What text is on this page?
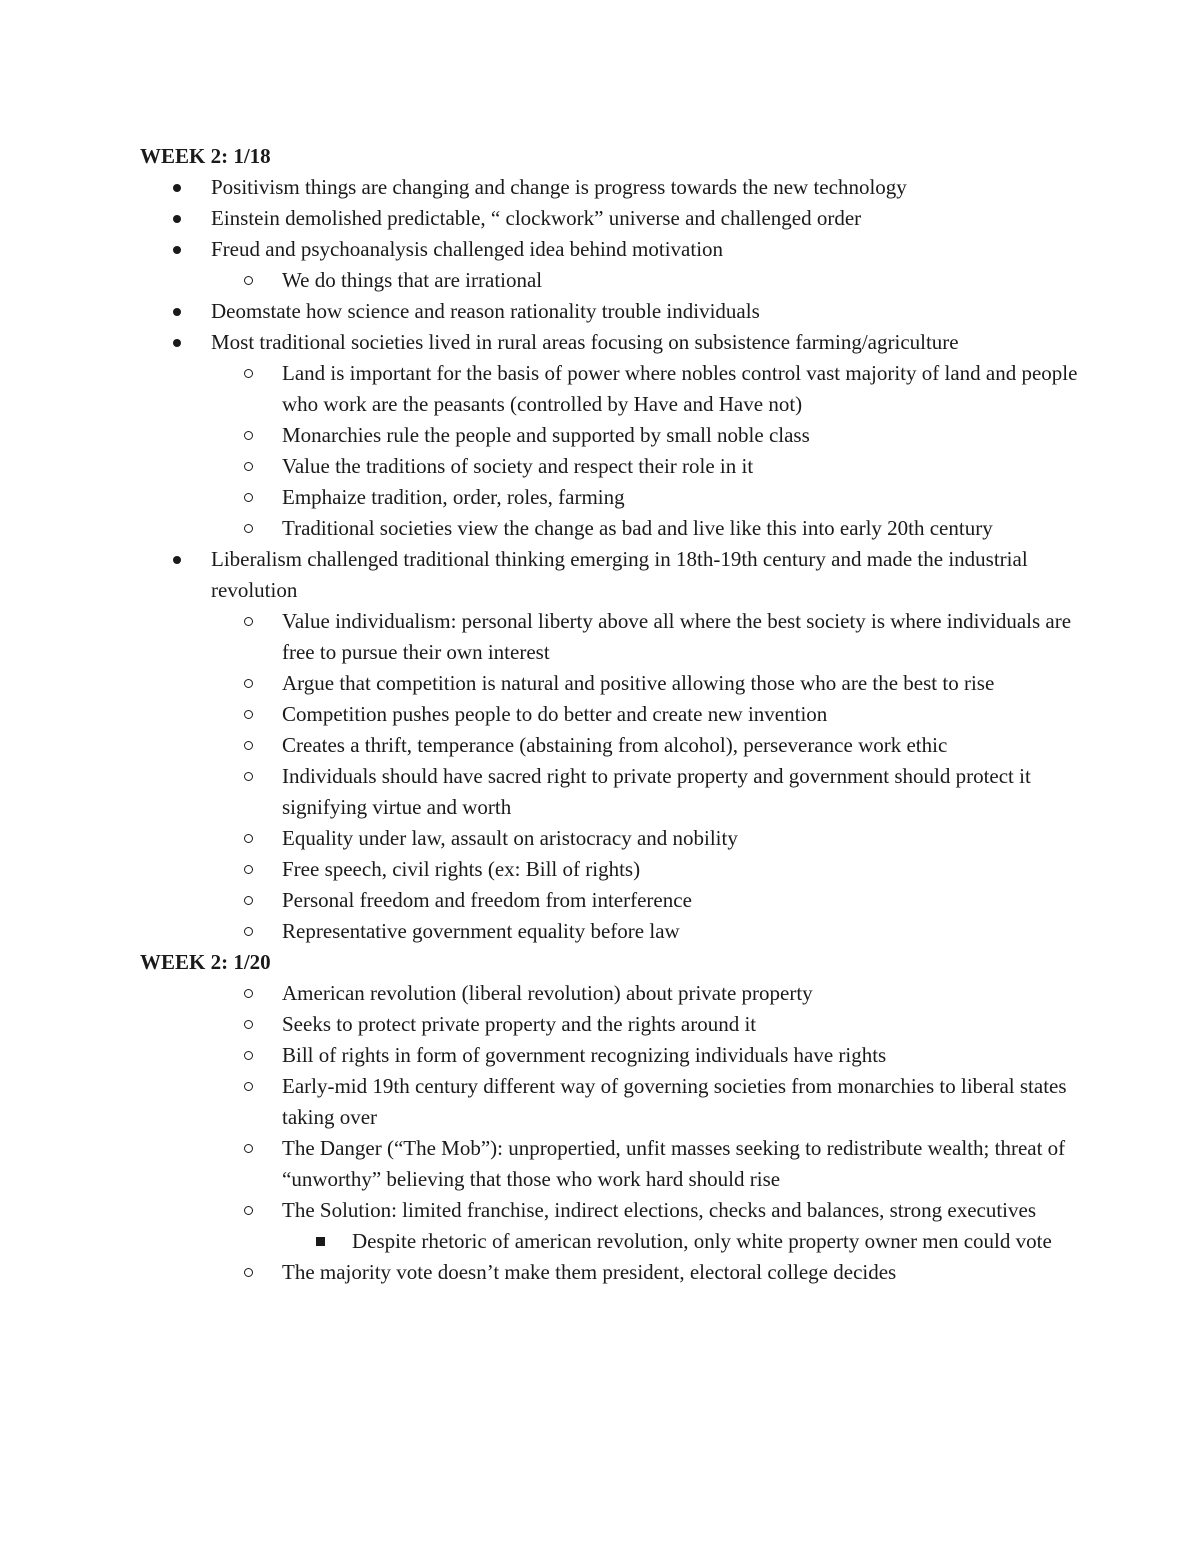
WEEK 2: 1/18
Positivism things are changing and change is progress towards the new technology
Einstein demolished predictable, “ clockwork” universe and challenged order
Freud and psychoanalysis challenged idea behind motivation
We do things that are irrational
Deomstate how science and reason rationality trouble individuals
Most traditional societies lived in rural areas focusing on subsistence farming/agriculture
Land is important for the basis of power where nobles control vast majority of land and people who work are the peasants (controlled by Have and Have not)
Monarchies rule the people and supported by small noble class
Value the traditions of society and respect their role in it
Emphaize tradition, order, roles, farming
Traditional societies view the change as bad and live like this into early 20th century
Liberalism challenged traditional thinking emerging in 18th-19th century and made the industrial revolution
Value individualism: personal liberty above all where the best society is where individuals are free to pursue their own interest
Argue that competition is natural and positive allowing those who are the best to rise
Competition pushes people to do better and create new invention
Creates a thrift, temperance (abstaining from alcohol), perseverance work ethic
Individuals should have sacred right to private property and government should protect it signifying virtue and worth
Equality under law, assault on aristocracy and nobility
Free speech, civil rights (ex: Bill of rights)
Personal freedom and freedom from interference
Representative government equality before law
WEEK 2: 1/20
American revolution (liberal revolution) about private property
Seeks to protect private property and the rights around it
Bill of rights in form of government recognizing individuals have rights
Early-mid 19th century different way of governing societies from monarchies to liberal states taking over
The Danger (“The Mob”): unpropertied, unfit masses seeking to redistribute wealth; threat of “unworthy” believing that those who work hard should rise
The Solution: limited franchise, indirect elections, checks and balances, strong executives
Despite rhetoric of american revolution, only white property owner men could vote
The majority vote doesn’t make them president, electoral college decides
